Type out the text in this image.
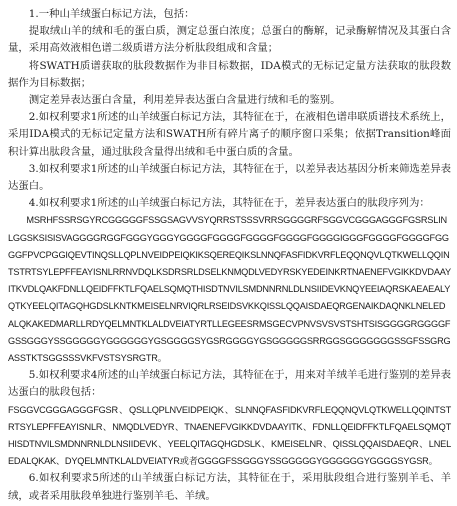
1.一种山羊绒蛋白标记方法，包括：

提取绒山羊的绒和毛的蛋白质，测定总蛋白浓度；总蛋白的酶解，记录酶解情况及其蛋白含量，采用高效液相色谱二级质谱方法分析肽段组成和含量；

将SWATH质谱获取的肽段数据作为非目标数据，IDA模式的无标记定量方法获取的肽段数据作为目标数据；

测定差异表达蛋白含量，利用差异表达蛋白含量进行绒和毛的鉴别。

2.如权利要求1所述的山羊绒蛋白标记方法，其特征在于，在液相色谱串联质谱技术系统上，采用IDA模式的无标记定量方法和SWATH所有碎片离子的顺序窗口采集；依据Transition峰面积计算出肽段含量，通过肽段含量得出绒和毛中蛋白质的含量。

3.如权利要求1所述的山羊绒蛋白标记方法，其特征在于，以差异表达基因分析来筛选差异表达蛋白。

4.如权利要求1所述的山羊绒蛋白标记方法，其特征在于，差异表达蛋白的肽段序列为：

MSRHFSSRSGYRCGGGGGFSSGSAGVVSYQRRSTSSSVRRSGGGGRFSGGVCGGGAGGGFGSRSLINLGGSKSISISVAGGGGRGGFGGGYGGGYGGGGFGGGGFGGGGFGGGGFGGGGIGGGFGGGGFGGGGFGGGGFPVCPGGIQEVTINQSLLQPLNVEIDPEIQKIKSQEREQIKSLNNQFASFIDKVRFLEQQNQVLQTKWELLQQINTSTRTSYLEPFFEAYISNLRRNVDQLKSDRSRLDSELKNMQDLVEDYRSKYEDEINKRTNAENEFVGIKKDVDAAYITKVDLQAKFDNLLQEIDFFKTLFQAELSQMQTHISDTNVILSMDNNRNLDLNSIIDEVKNQYEEIAQRSKAEAEALYQTKYEELQITAGQHGDSLKNTKMEISELNRVIQRLRSEIDSVKKQISSLQQAISDAEQRGENAIKDAQNKLNELEDALQKAKEDMARLLRDYQELMNTKLALDVEIATYRTLLEGEESRMSGECVPNVSVSVSTSHTSISGGGGRGGGGFGSSGGGYSSGGGGGYGGGGGGYGSGGGGSYGSRGGGGYGSGGGGGSRRGGSGGGGGGGSSGFSSGRGASSTKTSGGSSSVKFVSTSYSRGTR。

5.如权利要求4所述的山羊绒蛋白标记方法，其特征在于，用来对羊绒羊毛进行鉴别的差异表达蛋白的肽段包括：

FSGGVCGGGAGGGFGSR、QSLLQPLNVEIDPEIQK、SLNNQFASFIDKVRFLEQQNQVLQTKWELLQQINTSTRTSYLEPFFEAYISNLR、NMQDLVEDYR、TNAENEFVGIKKDVDAAYITK、FDNLLQEIDFFKTLFQAELSQMQTHISDTNVILSMDNNRNLDLNSIIDEVK、YEELQITAGQHGDSLK、KMEISELNR、QISSLQQAISDAEQR、LNELEDALQKAK、DYQELMNTKLALDVEIATYR或者GGGGFSSGGGYSSGGGGGYGGGGGGYGGGGSYGSR。

6.如权利要求5所述的山羊绒蛋白标记方法，其特征在于，采用肽段组合进行鉴别羊毛、羊绒，或者采用肽段单独进行鉴别羊毛、羊绒。
